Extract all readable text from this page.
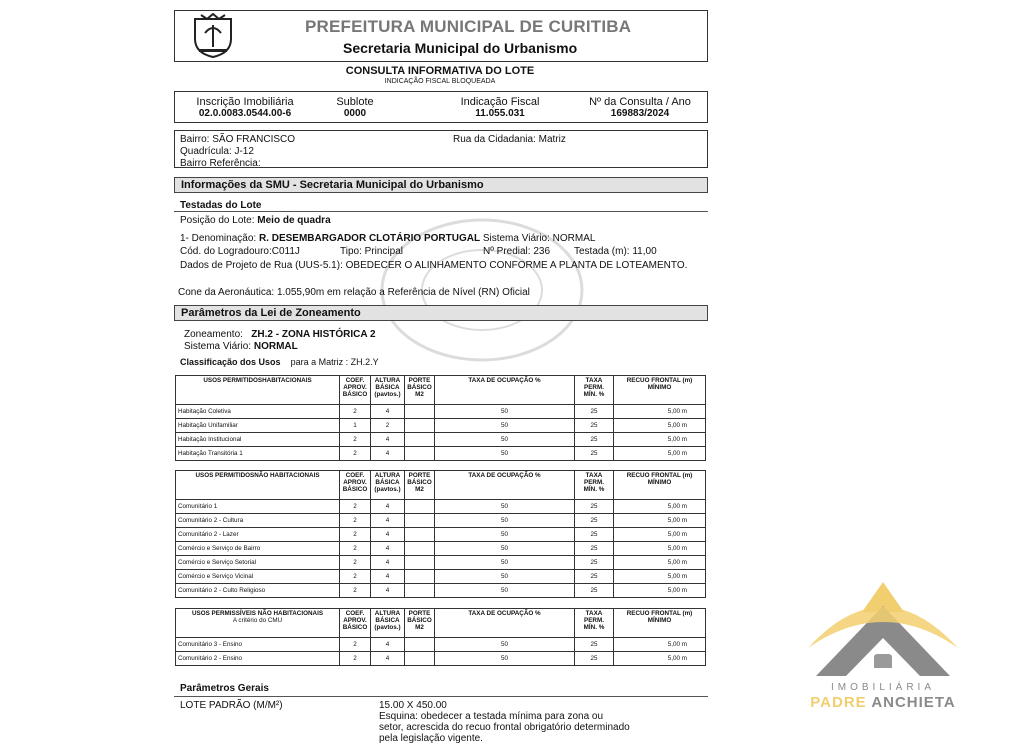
PREFEITURA MUNICIPAL DE CURITIBA
Secretaria Municipal do Urbanismo
CONSULTA INFORMATIVA DO LOTE
INDICAÇÃO FISCAL BLOQUEADA
Inscrição Imobiliária
02.0.0083.0544.00-6
Sublote
0000
Indicação Fiscal
11.055.031
Nº da Consulta / Ano
169883/2024
Bairro: SÃO FRANCISCO
Quadrícula: J-12
Bairro Referência:
Rua da Cidadania: Matriz
Informações da SMU - Secretaria Municipal do Urbanismo
Testadas do Lote
Posição do Lote: Meio de quadra
1- Denominação: R. DESEMBARGADOR CLOTÁRIO PORTUGAL Sistema Viário: NORMAL
Cód. do Logradouro:C011J	Tipo: Principal	Nº Predial: 236 Testada (m): 11,00
Dados de Projeto de Rua (UUS-5.1): OBEDECER O ALINHAMENTO CONFORME A PLANTA DE LOTEAMENTO.
Cone da Aeronáutica: 1.055,90m em relação a Referência de Nível (RN) Oficial
Parâmetros da Lei de Zoneamento
Zoneamento: ZH.2 - ZONA HISTÓRICA 2
Sistema Viário: NORMAL
Classificação dos Usos para a Matriz : ZH.2.Y
USOS PERMITIDOSHABITACIONAIS	COEF. APROV. BÁSICO	ALTURA BÁSICA (pavtos.)	PORTE BÁSICO M2	TAXA DE OCUPAÇÃO %	TAXA PERM. MÍN. %	RECUO FRONTAL (m) MÍNIMO
Habitação Coletiva	2	4		50	25	5,00 m
Habitação Unifamiliar	1	2		50	25	5,00 m
Habitação Institucional	2	4		50	25	5,00 m
Habitação Transitória 1	2	4		50	25	5,00 m
USOS PERMITIDOSNÃO HABITACIONAIS	COEF. APROV. BÁSICO	ALTURA BÁSICA (pavtos.)	PORTE BÁSICO M2	TAXA DE OCUPAÇÃO %	TAXA PERM. MÍN. %	RECUO FRONTAL (m) MÍNIMO
Comunitário 1	2	4		50	25	5,00 m
Comunitário 2 - Cultura	2	4		50	25	5,00 m
Comunitário 2 - Lazer	2	4		50	25	5,00 m
Comércio e Serviço de Bairro	2	4		50	25	5,00 m
Comércio e Serviço Setorial	2	4		50	25	5,00 m
Comércio e Serviço Vicinal	2	4		50	25	5,00 m
Comunitário 2 - Culto Religioso	2	4		50	25	5,00 m
USOS PERMISSÍVEIS NÃO HABITACIONAIS
A critério do CMU	COEF. APROV. BÁSICO	ALTURA BÁSICA (pavtos.)	PORTE BÁSICO M2	TAXA DE OCUPAÇÃO %	TAXA PERM. MÍN. %	RECUO FRONTAL (m) MÍNIMO
Comunitário 3 - Ensino	2	4		50	25	5,00 m
Comunitário 2 - Ensino	2	4		50	25	5,00 m
Parâmetros Gerais
LOTE PADRÃO (M/M²)	15.00 X 450.00
Esquina: obedecer a testada mínima para zona ou
setor, acrescida do recuo frontal obrigatório determinado
pela legislação vigente.
IMOBILIÁRIA
PADRE ANCHIETA
